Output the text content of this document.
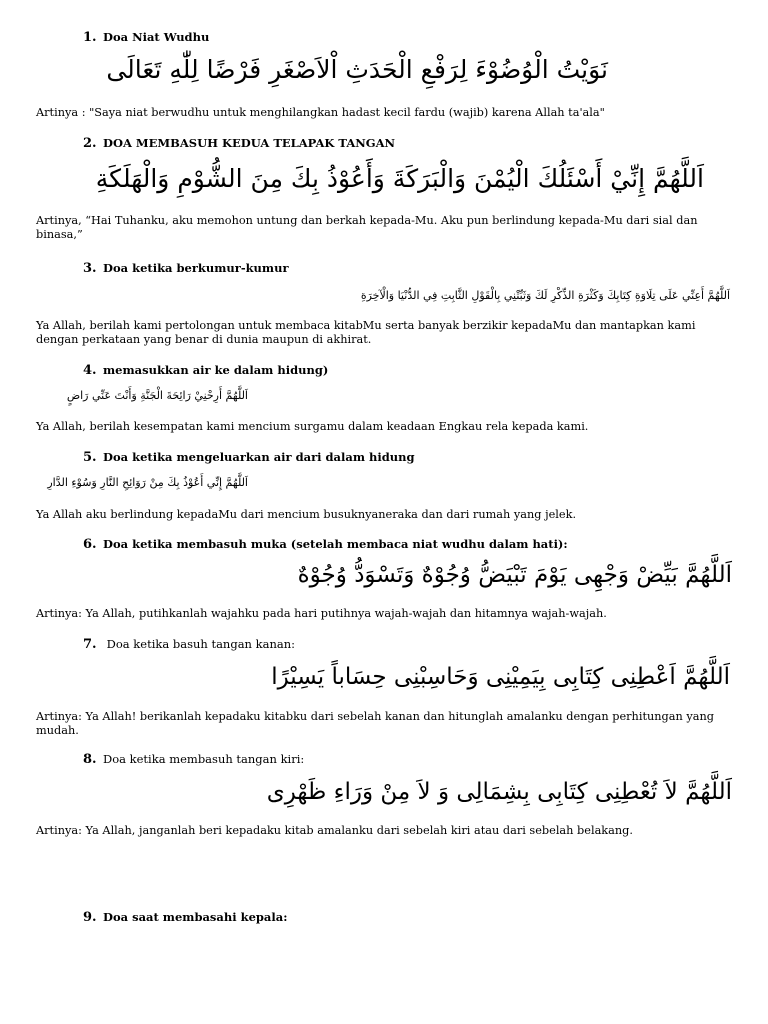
1. Doa Niat Wudhu
نَوَيْتُ الْوُضُوْءَ لِرَفْعِ الْحَدَثِ اْلاَصْغَرِ فَرْضًا لِلّٰهِ تَعَالَى
Artinya : "Saya niat berwudhu untuk menghilangkan hadast kecil fardu (wajib) karena Allah ta'ala"
2. DOA MEMBASUH KEDUA TELAPAK TANGAN
اَللَّهُمَّ إِنِّيْ أَسْئَلُكَ الْيُمْنَ وَالْبَرَكَةَ وَأَعُوْذُ بِكَ مِنَ الشُّوْمِ وَالْهَلَكَةِ
Artinya, “Hai Tuhanku, aku memohon untung dan berkah kepada-Mu. Aku pun berlindung kepada-Mu dari sial dan binasa,”
3. Doa ketika berkumur-kumur
اَللَّهُمَّ أَعِنِّي عَلَى تِلَاوَةِ كِتَابِكَ وَكَثْرَةِ الذِّكْرِ لَكَ وَثَبِّتْنِي بِالْقَوْلِ الثَّابِتِ فِي الدُّنْيَا وَالْآخِرَةِ
Ya Allah, berilah kami pertolongan untuk membaca kitabMu serta banyak berzikir kepadaMu dan mantapkan kami dengan perkataan yang benar di dunia maupun di akhirat.
4. memasukkan air ke dalam hidung)
اَللَّهُمَّ أَرِحْنِيْ رَائِحَةَ الْجَنَّةِ وَأَنْتَ عَنِّي رَاضٍ
Ya Allah, berilah kesempatan kami mencium surgamu dalam keadaan Engkau rela kepada kami.
5. Doa ketika mengeluarkan air dari dalam hidung
اَللَّهُمَّ إِنِّي أَعُوْذُ بِكَ مِنْ رَوَائِحِ النَّارِ وَسُوْءِ الدَّارِ
Ya Allah aku berlindung kepadaMu dari mencium busuknyaneraka dan dari rumah yang jelek.
6. Doa ketika membasuh muka (setelah membaca niat wudhu dalam hati):
اَللَّهُمَّ بَيِّضْ وَجْهِى يَوْمَ تَبْيَضُّ وُجُوْهٌ وَتَسْوَدُّ وُجُوْهٌ
Artinya: Ya Allah, putihkanlah wajahku pada hari putihnya wajah-wajah dan hitamnya wajah-wajah.
7. Doa ketika basuh tangan kanan:
اَللَّهُمَّ اَعْطِنِى كِتَابِى بِيَمِيْنِى وَحَاسِبْنِى حِسَاباً يَسِيْرًا
Artinya: Ya Allah! berikanlah kepadaku kitabku dari sebelah kanan dan hitunglah amalanku dengan perhitungan yang mudah.
8. Doa ketika membasuh tangan kiri:
اَللَّهُمَّ لاَ تُعْطِنِى كِتَابِى بِشِمَالِى وَ لاَ مِنْ وَرَاءِ ظَهْرِى
Artinya: Ya Allah, janganlah beri kepadaku kitab amalanku dari sebelah kiri atau dari sebelah belakang.
9. Doa saat membasahi kepala:
